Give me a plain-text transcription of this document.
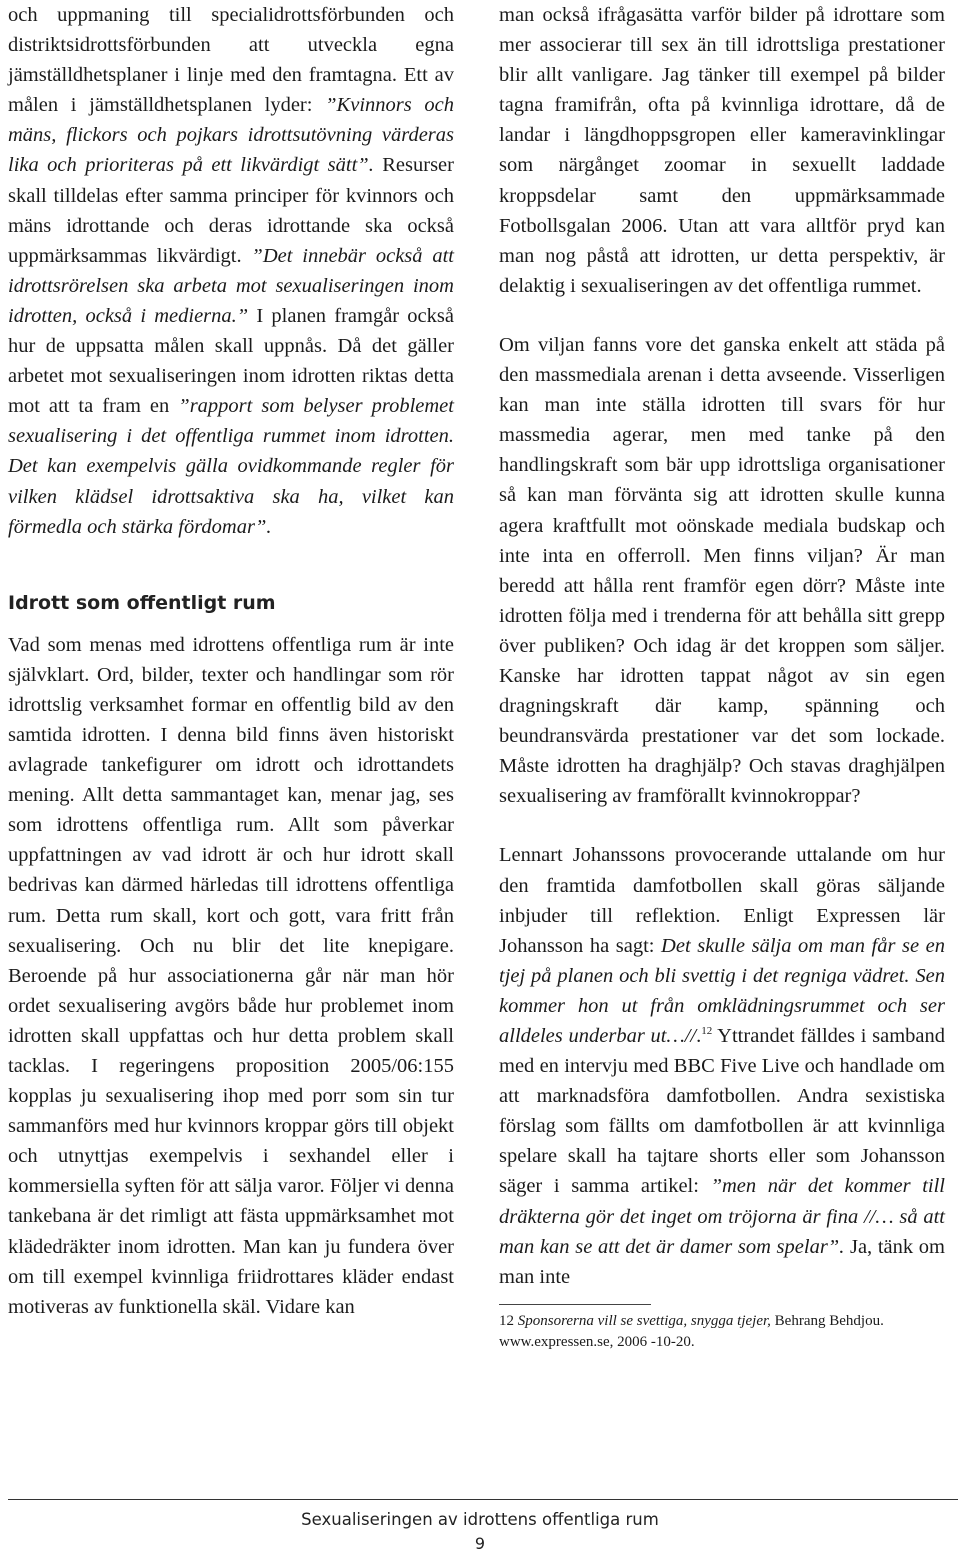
och uppmaning till specialidrottsförbunden och distriktsidrottsförbunden att utveckla egna jämställdhetsplaner i linje med den framtagna. Ett av målen i jämställdhetsplanen lyder: ”Kvinnors och mäns, flickors och pojkars idrottsutövning värderas lika och prioriteras på ett likvärdigt sätt”. Resurser skall tilldelas efter samma principer för kvinnors och mäns idrottande och deras idrottande ska också uppmärksammas likvärdigt. ”Det innebär också att idrottsrörelsen ska arbeta mot sexualiseringen inom idrotten, också i medierna.” I planen framgår också hur de uppsatta målen skall uppnås. Då det gäller arbetet mot sexualiseringen inom idrotten riktas detta mot att ta fram en ”rapport som belyser problemet sexualisering i det offentliga rummet inom idrotten. Det kan exempelvis gälla ovidkommande regler för vilken klädsel idrottsaktiva ska ha, vilket kan förmedla och stärka fördomar”.

Idrott som offentligt rum

Vad som menas med idrottens offentliga rum är inte självklart. Ord, bilder, texter och handlingar som rör idrottslig verksamhet formar en offentlig bild av den samtida idrotten. I denna bild finns även historiskt avlagrade tankefigurer om idrott och idrottandets mening. Allt detta sammantaget kan, menar jag, ses som idrottens offentliga rum. Allt som påverkar uppfattningen av vad idrott är och hur idrott skall bedrivas kan därmed härledas till idrottens offentliga rum. Detta rum skall, kort och gott, vara fritt från sexualisering. Och nu blir det lite knepigare. Beroende på hur associationerna går när man hör ordet sexualisering avgörs både hur problemet inom idrotten skall uppfattas och hur detta problem skall tacklas. I regeringens proposition 2005/06:155 kopplas ju sexualisering ihop med porr som sin tur sammanförs med hur kvinnors kroppar görs till objekt och utnyttjas exempelvis i sexhandel eller i kommersiella syften för att sälja varor. Följer vi denna tankebana är det rimligt att fästa uppmärksamhet mot klädedräkter inom idrotten. Man kan ju fundera över om till exempel kvinnliga friidrottares kläder endast motiveras av funktionella skäl. Vidare kan

man också ifrågasätta varför bilder på idrottare som mer associerar till sex än till idrottsliga prestationer blir allt vanligare. Jag tänker till exempel på bilder tagna framifrån, ofta på kvinnliga idrottare, då de landar i längdhoppsgropen eller kameravinklingar som närgånget zoomar in sexuellt laddade kroppsdelar samt den uppmärksammade Fotbollsgalan 2006. Utan att vara alltför pryd kan man nog påstå att idrotten, ur detta perspektiv, är delaktig i sexualiseringen av det offentliga rummet.

Om viljan fanns vore det ganska enkelt att städa på den massmediala arenan i detta avseende. Visserligen kan man inte ställa idrotten till svars för hur massmedia agerar, men med tanke på den handlingskraft som bär upp idrottsliga organisationer så kan man förvänta sig att idrotten skulle kunna agera kraftfullt mot oönskade mediala budskap och inte inta en offerroll. Men finns viljan? Är man beredd att hålla rent framför egen dörr? Måste inte idrotten följa med i trenderna för att behålla sitt grepp över publiken? Och idag är det kroppen som säljer. Kanske har idrotten tappat något av sin egen dragningskraft där kamp, spänning och beundransvärda prestationer var det som lockade. Måste idrotten ha draghjälp? Och stavas draghjälpen sexualisering av framförallt kvinnokroppar?

Lennart Johanssons provocerande uttalande om hur den framtida damfotbollen skall göras säljande inbjuder till reflektion. Enligt Expressen lär Johansson ha sagt: Det skulle sälja om man får se en tjej på planen och bli svettig i det regniga vädret. Sen kommer hon ut från omklädningsrummet och ser alldeles underbar ut…//.$^{12}$ Yttrandet fälldes i samband med en intervju med BBC Five Live och handlade om att marknadsföra damfotbollen. Andra sexistiska förslag som fällts om damfotbollen är att kvinnliga spelare skall ha tajtare shorts eller som Johansson säger i samma artikel: ”men när det kommer till dräkterna gör det inget om tröjorna är fina //… så att man kan se att det är damer som spelar”. Ja, tänk om man inte

12 Sponsorerna vill se svettiga, snygga tjejer, Behrang Behdjou. www.expressen.se, 2006 -10-20.
Sexualiseringen av idrottens offentliga rum
9
